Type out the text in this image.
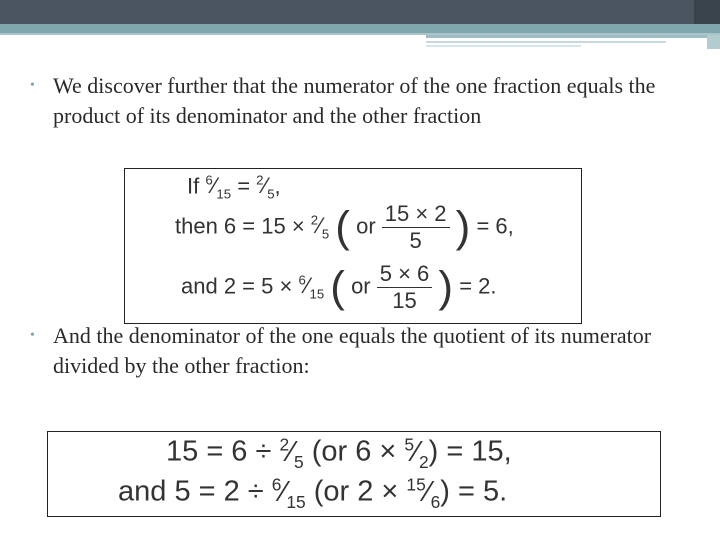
• We discover further that the numerator of the one fraction equals the product of its denominator and the other fraction
If $^6⁄_{15}$ = $^2⁄_5$,
then $6 = 15 \times ^2⁄_5$ ( or $\frac{15 \times 2}{5}$ ) = 6,
and $2 = 5 \times ^6⁄_{15}$ ( or $\frac{5 \times 6}{15}$ ) = 2.
• And the denominator of the one equals the quotient of its numerator divided by the other fraction:
$15 = 6 \div ^2⁄_5$ (or $6 \times ^5⁄_2) = 15$,
and $5 = 2 \div ^6⁄_{15}$ (or $2 \times ^{15}⁄_6) = 5$.
